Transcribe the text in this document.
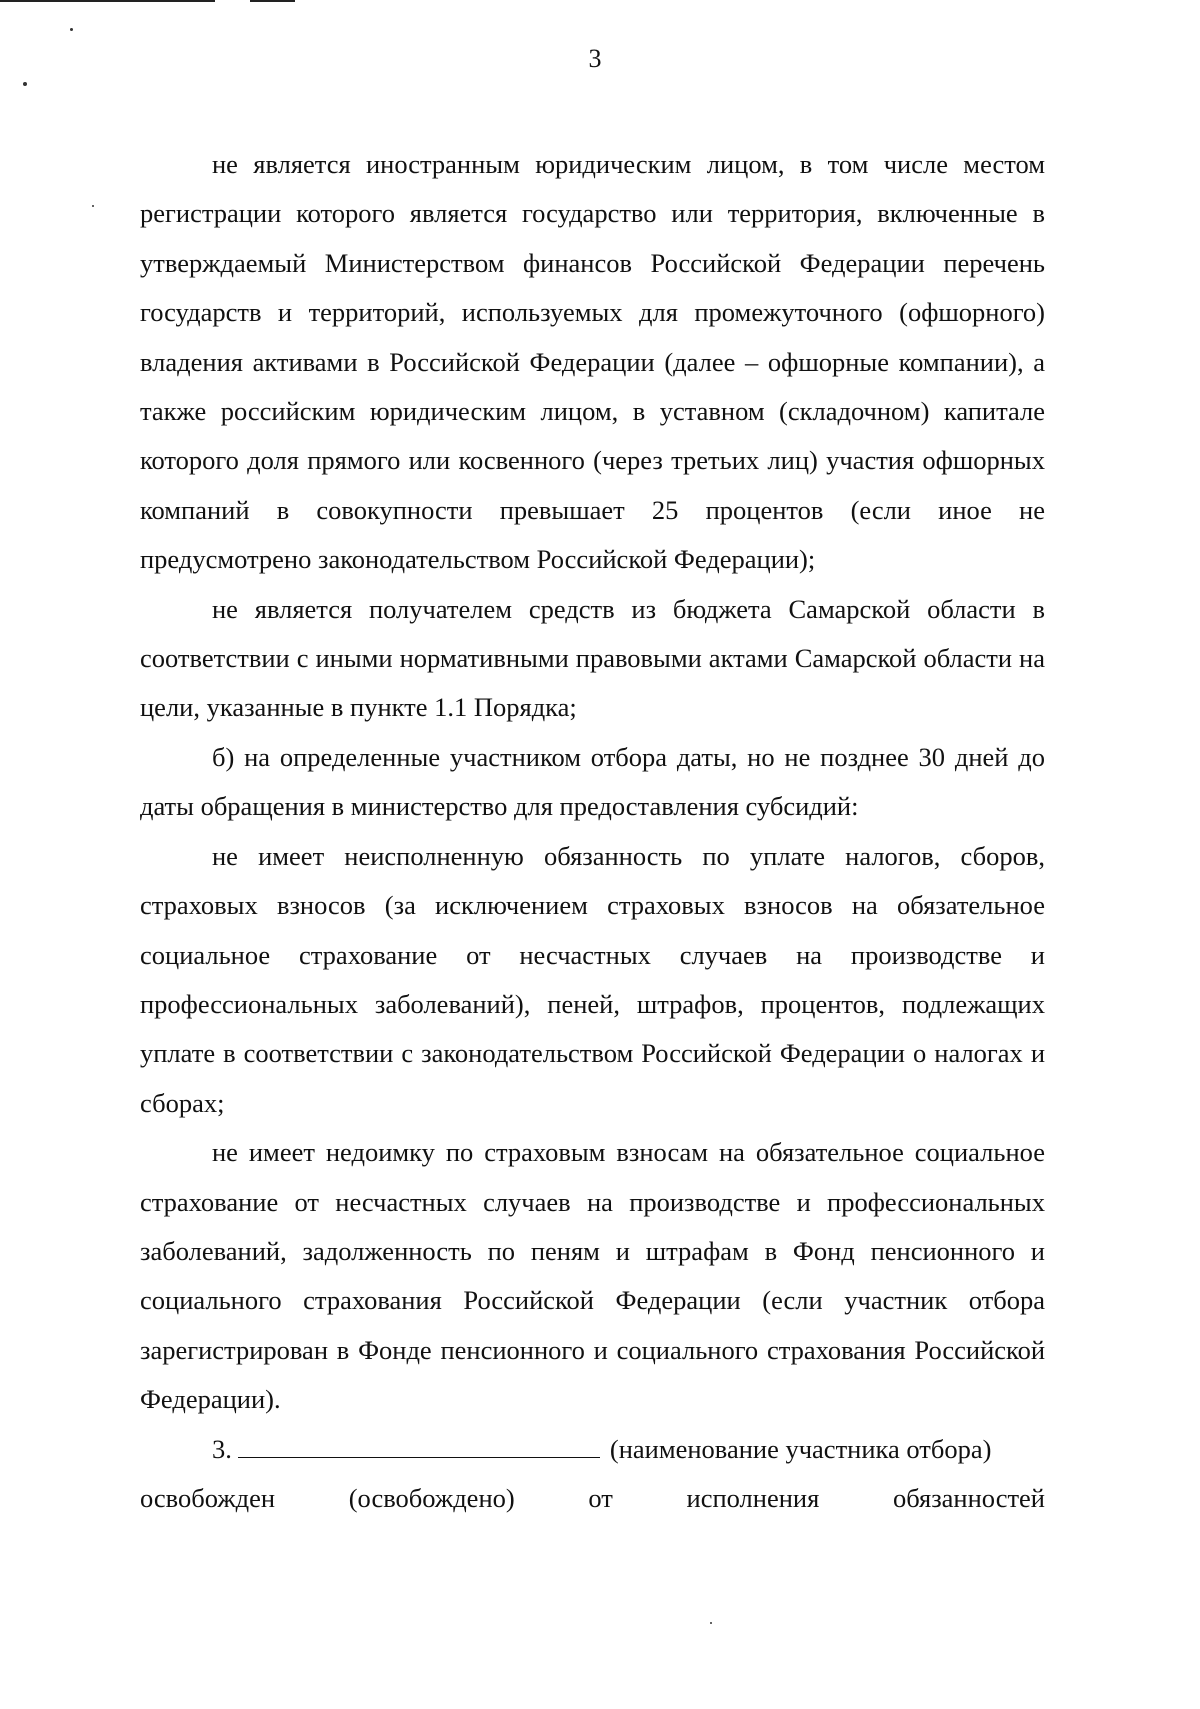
3

не является иностранным юридическим лицом, в том числе местом регистрации которого является государство или территория, включенные в утверждаемый Министерством финансов Российской Федерации перечень государств и территорий, используемых для промежуточного (офшорного) владения активами в Российской Федерации (далее – офшорные компании), а также российским юридическим лицом, в уставном (складочном) капитале которого доля прямого или косвенного (через третьих лиц) участия офшорных компаний в совокупности превышает 25 процентов (если иное не предусмотрено законодательством Российской Федерации);

не является получателем средств из бюджета Самарской области в соответствии с иными нормативными правовыми актами Самарской области на цели, указанные в пункте 1.1 Порядка;

б) на определенные участником отбора даты, но не позднее 30 дней до даты обращения в министерство для предоставления субсидий:

не имеет неисполненную обязанность по уплате налогов, сборов, страховых взносов (за исключением страховых взносов на обязательное социальное страхование от несчастных случаев на производстве и профессиональных заболеваний), пеней, штрафов, процентов, подлежащих уплате в соответствии с законодательством Российской Федерации о налогах и сборах;

не имеет недоимку по страховым взносам на обязательное социальное страхование от несчастных случаев на производстве и профессиональных заболеваний, задолженность по пеням и штрафам в Фонд пенсионного и социального страхования Российской Федерации (если участник отбора зарегистрирован в Фонде пенсионного и социального страхования Российской Федерации).

3.	(наименование участника отбора)

освобожден (освобождено) от исполнения обязанностей
